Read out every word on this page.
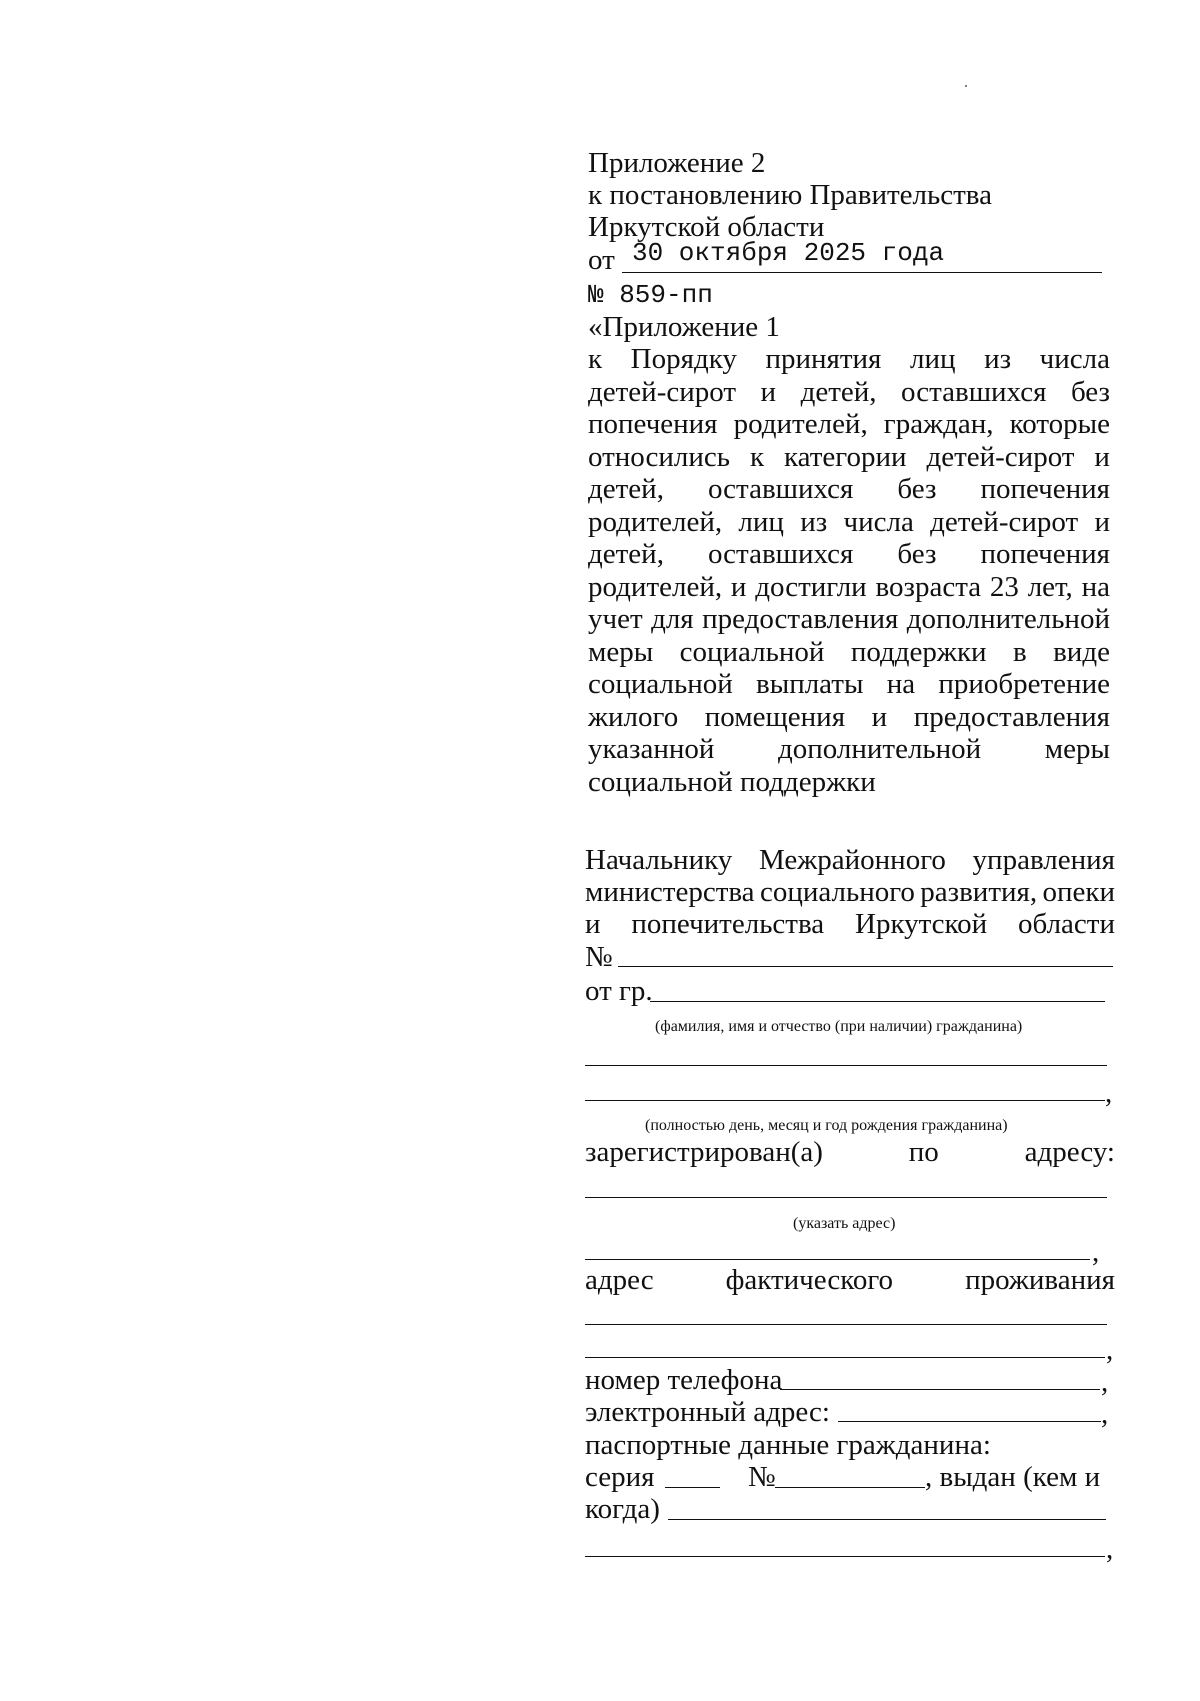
Приложение 2
к постановлению Правительства
Иркутской области
от 30 октября 2025 года
№ 859-пп
«Приложение 1
к Порядку принятия лиц из числа
детей-сирот и детей, оставшихся без
попечения родителей, граждан, которые
относились к категории детей-сирот и
детей, оставшихся без попечения
родителей, лиц из числа детей-сирот и
детей, оставшихся без попечения
родителей, и достигли возраста 23 лет, на
учет для предоставления дополнительной
меры социальной поддержки в виде
социальной выплаты на приобретение
жилого помещения и предоставления
указанной дополнительной меры
социальной поддержки
Начальнику Межрайонного управления
министерства социального развития, опеки
и попечительства Иркутской области
№
от гр.
(фамилия, имя и отчество (при наличии) гражданина)
,
(полностью день, месяц и год рождения гражданина)
зарегистрирован(а)	по	адресу:
(указать адрес)
,
адрес фактического проживания
,
номер телефона	,
электронный адрес:	,
паспортные данные гражданина:
серия	№	, выдан (кем и
когда)
,
